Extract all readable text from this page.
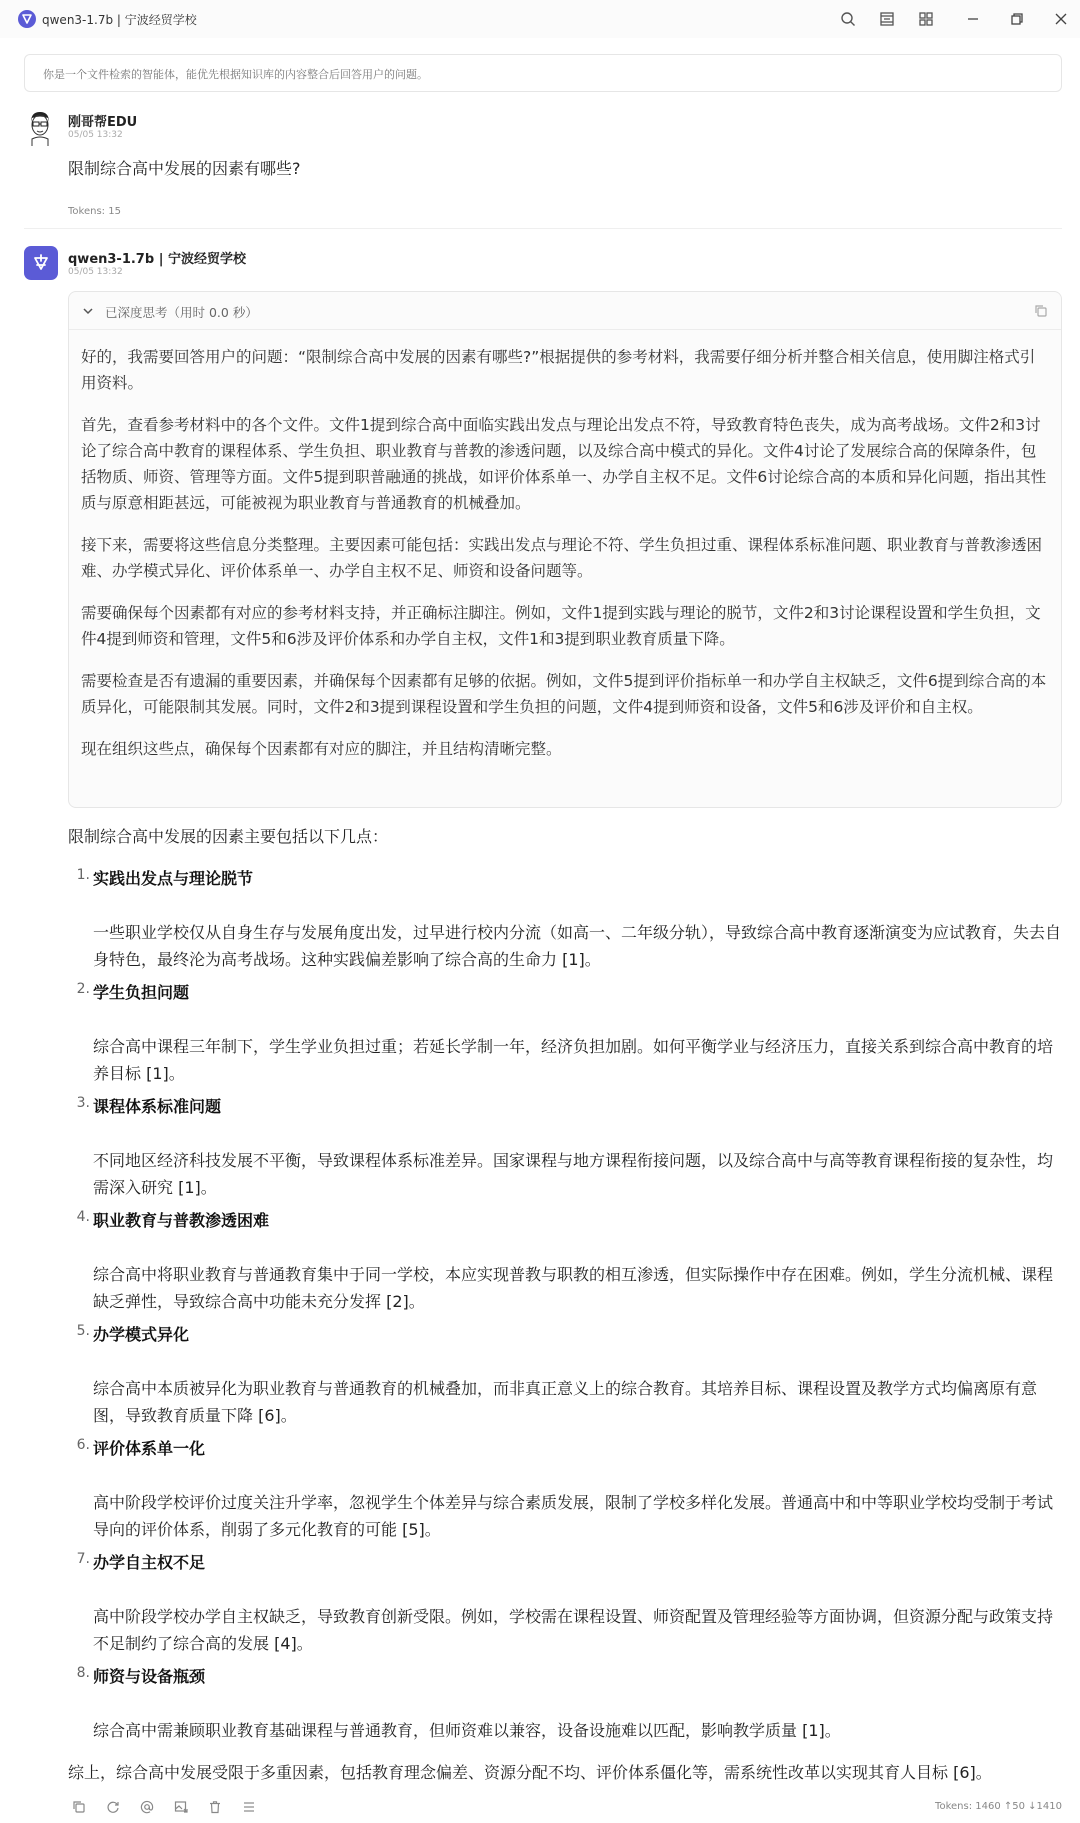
qwen3-1.7b | 宁波经贸学校
你是一个文件检索的智能体，能优先根据知识库的内容整合后回答用户的问题。
刚哥帮EDU
05/05 13:32
限制综合高中发展的因素有哪些?
Tokens: 15
qwen3-1.7b | 宁波经贸学校
05/05 13:32
已深度思考（用时 0.0 秒）

好的，我需要回答用户的问题：“限制综合高中发展的因素有哪些?”根据提供的参考材料，我需要仔细分析并整合相关信息，使用脚注格式引用资料。

首先，查看参考材料中的各个文件。文件1提到综合高中面临实践出发点与理论出发点不符，导致教育特色丧失，成为高考战场。文件2和3讨论了综合高中教育的课程体系、学生负担、职业教育与普教的渗透问题，以及综合高中模式的异化。文件4讨论了发展综合高的保障条件，包括物质、师资、管理等方面。文件5提到职普融通的挑战，如评价体系单一、办学自主权不足。文件6讨论综合高的本质和异化问题，指出其性质与原意相距甚远，可能被视为职业教育与普通教育的机械叠加。

接下来，需要将这些信息分类整理。主要因素可能包括：实践出发点与理论不符、学生负担过重、课程体系标准问题、职业教育与普教渗透困难、办学模式异化、评价体系单一、办学自主权不足、师资和设备问题等。

需要确保每个因素都有对应的参考材料支持，并正确标注脚注。例如，文件1提到实践与理论的脱节，文件2和3讨论课程设置和学生负担，文件4提到师资和管理，文件5和6涉及评价体系和办学自主权，文件1和3提到职业教育质量下降。

需要检查是否有遗漏的重要因素，并确保每个因素都有足够的依据。例如，文件5提到评价指标单一和办学自主权缺乏，文件6提到综合高的本质异化，可能限制其发展。同时，文件2和3提到课程设置和学生负担的问题，文件4提到师资和设备，文件5和6涉及评价和自主权。

现在组织这些点，确保每个因素都有对应的脚注，并且结构清晰完整。

限制综合高中发展的因素主要包括以下几点：
1. 实践出发点与理论脱节
一些职业学校仅从自身生存与发展角度出发，过早进行校内分流（如高一、二年级分轨），导致综合高中教育逐渐演变为应试教育，失去自身特色，最终沦为高考战场。这种实践偏差影响了综合高的生命力 [1]。
2. 学生负担问题
综合高中课程三年制下，学生学业负担过重；若延长学制一年，经济负担加剧。如何平衡学业与经济压力，直接关系到综合高中教育的培养目标 [1]。
3. 课程体系标准问题
不同地区经济科技发展不平衡，导致课程体系标准差异。国家课程与地方课程衔接问题，以及综合高中与高等教育课程衔接的复杂性，均需深入研究 [1]。
4. 职业教育与普教渗透困难
综合高中将职业教育与普通教育集中于同一学校，本应实现普教与职教的相互渗透，但实际操作中存在困难。例如，学生分流机械、课程缺乏弹性，导致综合高中功能未充分发挥 [2]。
5. 办学模式异化
综合高中本质被异化为职业教育与普通教育的机械叠加，而非真正意义上的综合教育。其培养目标、课程设置及教学方式均偏离原有意图，导致教育质量下降 [6]。
6. 评价体系单一化
高中阶段学校评价过度关注升学率，忽视学生个体差异与综合素质发展，限制了学校多样化发展。普通高中和中等职业学校均受制于考试导向的评价体系，削弱了多元化教育的可能 [5]。
7. 办学自主权不足
高中阶段学校办学自主权缺乏，导致教育创新受限。例如，学校需在课程设置、师资配置及管理经验等方面协调，但资源分配与政策支持不足制约了综合高的发展 [4]。
8. 师资与设备瓶颈
综合高中需兼顾职业教育基础课程与普通教育，但师资难以兼容，设备设施难以匹配，影响教学质量 [1]。
综上，综合高中发展受限于多重因素，包括教育理念偏差、资源分配不均、评价体系僵化等，需系统性改革以实现其育人目标 [6]。
Tokens: 1460 ↑50 ↓1410
